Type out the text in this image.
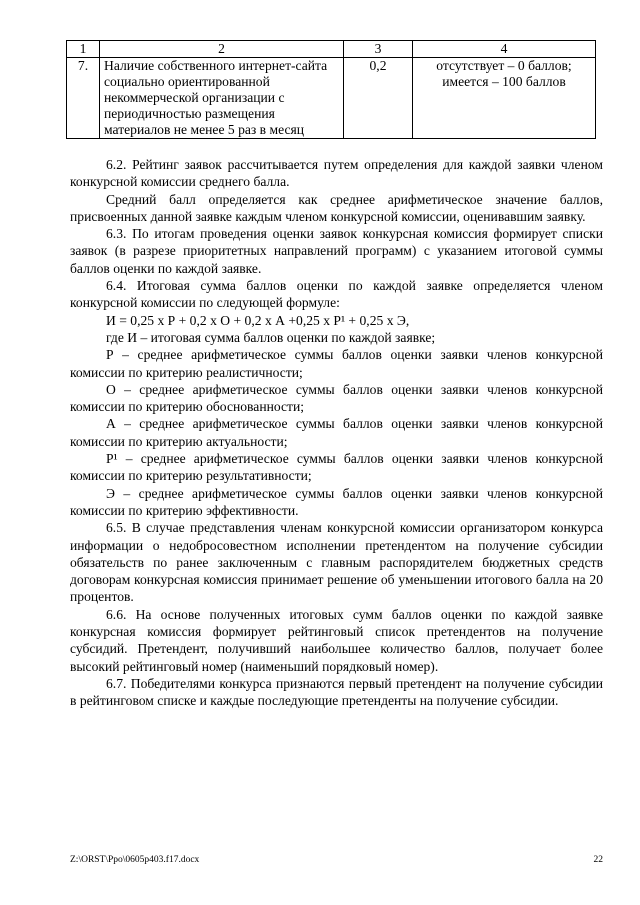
1	2	3	4
7.	Наличие собственного интернет-сайта социально ориентированной некоммерческой организации с периодичностью размещения материалов не менее 5 раз в месяц	0,2	отсутствует – 0 баллов;
имеется – 100 баллов

6.2. Рейтинг заявок рассчитывается путем определения для каждой заявки членом конкурсной комиссии среднего балла.

Средний балл определяется как среднее арифметическое значение баллов, присвоенных данной заявке каждым членом конкурсной комиссии, оценивавшим заявку.

6.3. По итогам проведения оценки заявок конкурсная комиссия формирует списки заявок (в разрезе приоритетных направлений программ) с указанием итоговой суммы баллов оценки по каждой заявке.

6.4. Итоговая сумма баллов оценки по каждой заявке определяется членом конкурсной комиссии по следующей формуле:

И = 0,25 х Р + 0,2 х О + 0,2 х А +0,25 х Р¹ + 0,25 х Э,

где И – итоговая сумма баллов оценки по каждой заявке;

Р – среднее арифметическое суммы баллов оценки заявки членов конкурсной комиссии по критерию реалистичности;

О – среднее арифметическое суммы баллов оценки заявки членов конкурсной комиссии по критерию обоснованности;

А – среднее арифметическое суммы баллов оценки заявки членов конкурсной комиссии по критерию актуальности;

Р¹ – среднее арифметическое суммы баллов оценки заявки членов конкурсной комиссии по критерию результативности;

Э – среднее арифметическое суммы баллов оценки заявки членов конкурсной комиссии по критерию эффективности.

6.5. В случае представления членам конкурсной комиссии организатором конкурса информации о недобросовестном исполнении претендентом на получение субсидии обязательств по ранее заключенным с главным распорядителем бюджетных средств договорам конкурсная комиссия принимает решение об уменьшении итогового балла на 20 процентов.

6.6. На основе полученных итоговых сумм баллов оценки по каждой заявке конкурсная комиссия формирует рейтинговый список претендентов на получение субсидий. Претендент, получивший наибольшее количество баллов, получает более высокий рейтинговый номер (наименьший порядковый номер).

6.7. Победителями конкурса признаются первый претендент на получение субсидии в рейтинговом списке и каждые последующие претенденты на получение субсидии.

Z:\ORST\Ppo\0605p403.f17.docx	22
